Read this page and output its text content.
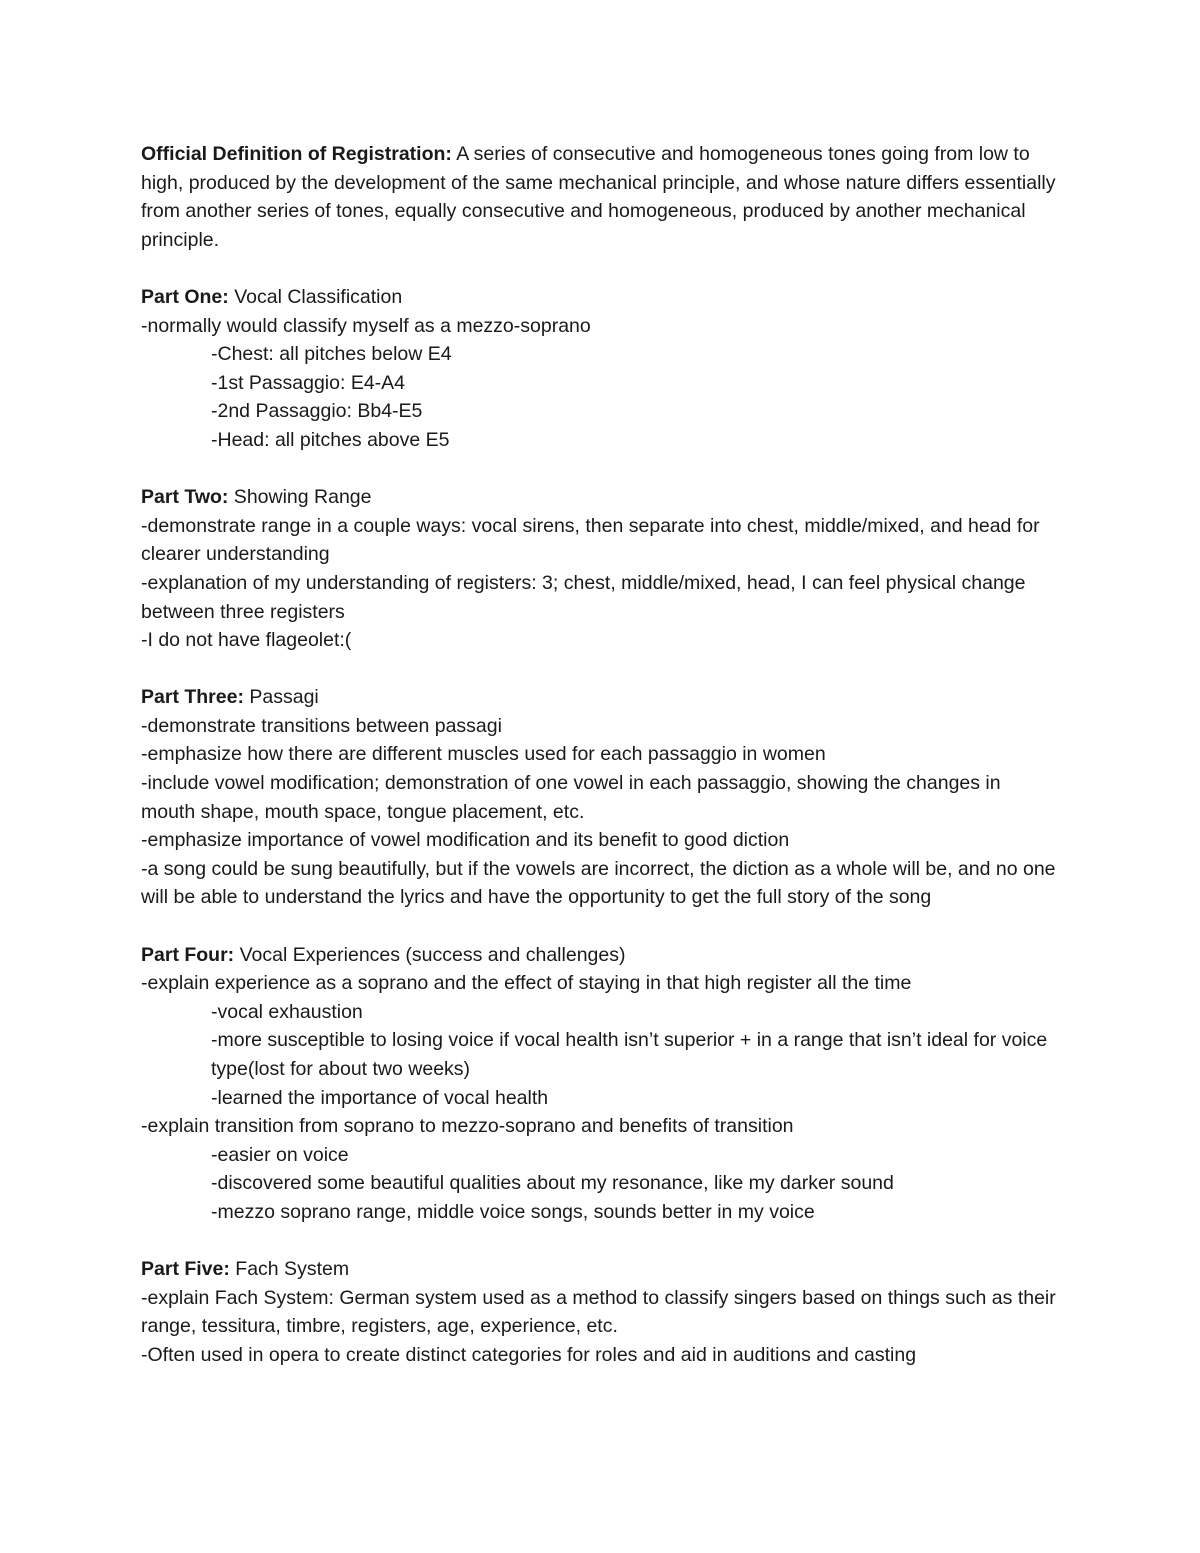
Official Definition of Registration: A series of consecutive and homogeneous tones going from low to high, produced by the development of the same mechanical principle, and whose nature differs essentially from another series of tones, equally consecutive and homogeneous, produced by another mechanical principle.

Part One: Vocal Classification

-normally would classify myself as a mezzo-soprano

-Chest: all pitches below E4

-1st Passaggio: E4-A4

-2nd Passaggio: Bb4-E5

-Head: all pitches above E5

Part Two: Showing Range

-demonstrate range in a couple ways: vocal sirens, then separate into chest, middle/mixed, and head for clearer understanding

-explanation of my understanding of registers: 3; chest, middle/mixed, head, I can feel physical change between three registers

-I do not have flageolet:(

Part Three: Passagi

-demonstrate transitions between passagi

-emphasize how there are different muscles used for each passaggio in women

-include vowel modification; demonstration of one vowel in each passaggio, showing the changes in mouth shape, mouth space, tongue placement, etc.

-emphasize importance of vowel modification and its benefit to good diction

-a song could be sung beautifully, but if the vowels are incorrect, the diction as a whole will be, and no one will be able to understand the lyrics and have the opportunity to get the full story of the song

Part Four: Vocal Experiences (success and challenges)

-explain experience as a soprano and the effect of staying in that high register all the time

-vocal exhaustion

-more susceptible to losing voice if vocal health isn’t superior + in a range that isn’t ideal for voice type(lost for about two weeks)

-learned the importance of vocal health

-explain transition from soprano to mezzo-soprano and benefits of transition

-easier on voice

-discovered some beautiful qualities about my resonance, like my darker sound

-mezzo soprano range, middle voice songs, sounds better in my voice

Part Five: Fach System

-explain Fach System: German system used as a method to classify singers based on things such as their range, tessitura, timbre, registers, age, experience, etc.

-Often used in opera to create distinct categories for roles and aid in auditions and casting
